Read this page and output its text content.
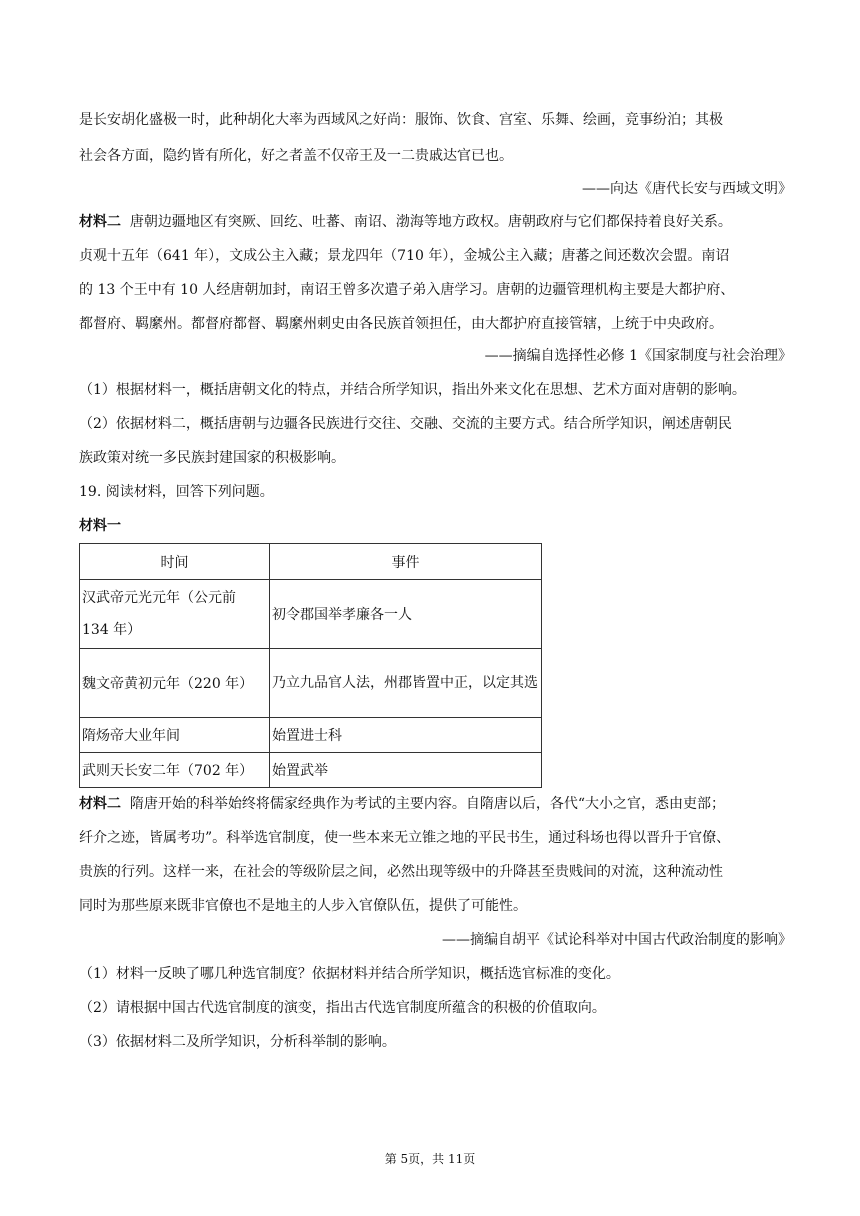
是长安胡化盛极一时，此种胡化大率为西域风之好尚：服饰、饮食、宫室、乐舞、绘画，竞事纷泊；其极
社会各方面，隐约皆有所化，好之者盖不仅帝王及一二贵戚达官已也。
——向达《唐代长安与西域文明》
材料二 唐朝边疆地区有突厥、回纥、吐蕃、南诏、渤海等地方政权。唐朝政府与它们都保持着良好关系。
贞观十五年（641 年），文成公主入藏；景龙四年（710 年），金城公主入藏；唐蕃之间还数次会盟。南诏
的 13 个王中有 10 人经唐朝加封，南诏王曾多次遣子弟入唐学习。唐朝的边疆管理机构主要是大都护府、
都督府、羁縻州。都督府都督、羁縻州刺史由各民族首领担任，由大都护府直接管辖，上统于中央政府。
——摘编自选择性必修 1《国家制度与社会治理》
（1）根据材料一，概括唐朝文化的特点，并结合所学知识，指出外来文化在思想、艺术方面对唐朝的影响。
（2）依据材料二，概括唐朝与边疆各民族进行交往、交融、交流的主要方式。结合所学知识，阐述唐朝民
族政策对统一多民族封建国家的积极影响。
19. 阅读材料，回答下列问题。
材料一
时间	事件
汉武帝元光元年（公元前 134 年）	初令郡国举孝廉各一人
魏文帝黄初元年（220 年）	乃立九品官人法，州郡皆置中正，以定其选
隋炀帝大业年间	始置进士科
武则天长安二年（702 年）	始置武举
材料二 隋唐开始的科举始终将儒家经典作为考试的主要内容。自隋唐以后，各代“大小之官，悉由吏部；
纤介之迹，皆属考功”。科举选官制度，使一些本来无立锥之地的平民书生，通过科场也得以晋升于官僚、
贵族的行列。这样一来，在社会的等级阶层之间，必然出现等级中的升降甚至贵贱间的对流，这种流动性
同时为那些原来既非官僚也不是地主的人步入官僚队伍，提供了可能性。
——摘编自胡平《试论科举对中国古代政治制度的影响》
（1）材料一反映了哪几种选官制度？依据材料并结合所学知识，概括选官标准的变化。
（2）请根据中国古代选官制度的演变，指出古代选官制度所蕴含的积极的价值取向。
（3）依据材料二及所学知识，分析科举制的影响。
第 5页，共 11页
